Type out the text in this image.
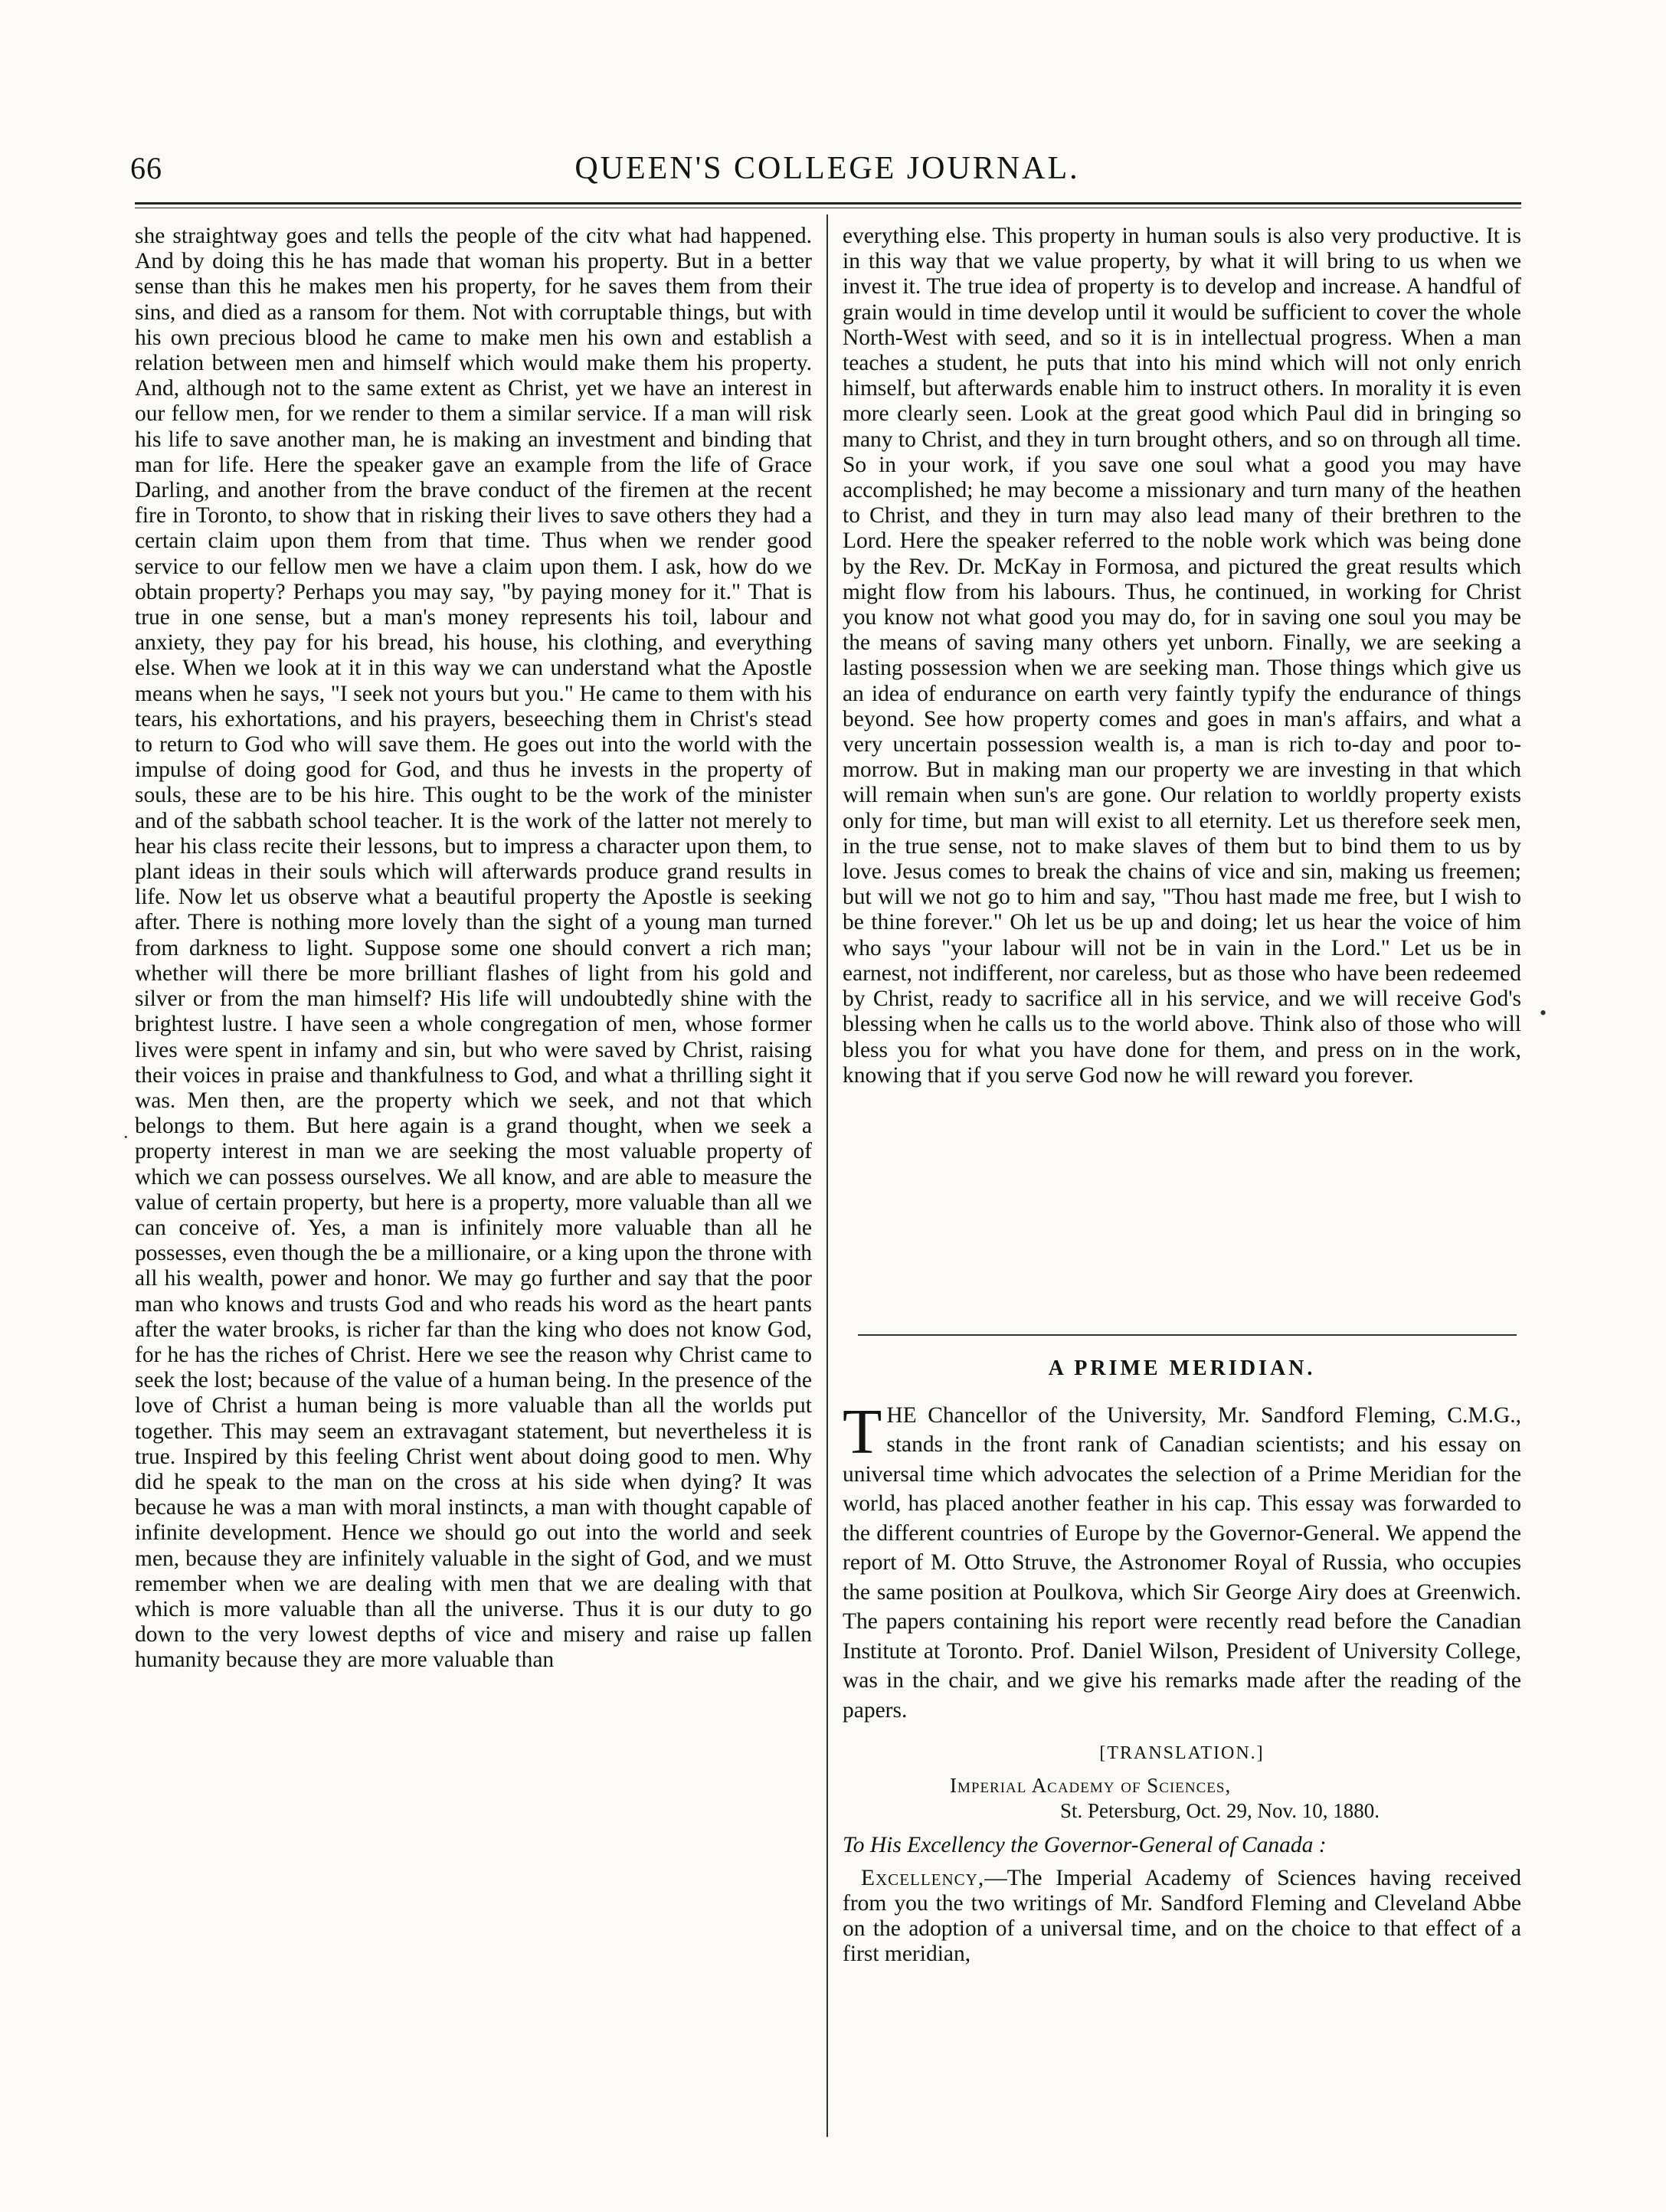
66	QUEEN'S COLLEGE JOURNAL.

she straightway goes and tells the people of the citv what had happened. And by doing this he has made that woman his property. But in a better sense than this he makes men his property, for he saves them from their sins, and died as a ransom for them. Not with corruptable things, but with his own precious blood he came to make men his own and establish a relation between men and himself which would make them his property. And, although not to the same extent as Christ, yet we have an interest in our fellow men, for we render to them a similar service. If a man will risk his life to save another man, he is making an investment and binding that man for life. Here the speaker gave an example from the life of Grace Darling, and another from the brave conduct of the firemen at the recent fire in Toronto, to show that in risking their lives to save others they had a certain claim upon them from that time. Thus when we render good service to our fellow men we have a claim upon them. I ask, how do we obtain property? Perhaps you may say, "by paying money for it." That is true in one sense, but a man's money represents his toil, labour and anxiety, they pay for his bread, his house, his clothing, and everything else. When we look at it in this way we can understand what the Apostle means when he says, "I seek not yours but you." He came to them with his tears, his exhortations, and his prayers, beseeching them in Christ's stead to return to God who will save them. He goes out into the world with the impulse of doing good for God, and thus he invests in the property of souls, these are to be his hire. This ought to be the work of the minister and of the sabbath school teacher. It is the work of the latter not merely to hear his class recite their lessons, but to impress a character upon them, to plant ideas in their souls which will afterwards produce grand results in life. Now let us observe what a beautiful property the Apostle is seeking after. There is nothing more lovely than the sight of a young man turned from darkness to light. Suppose some one should convert a rich man; whether will there be more brilliant flashes of light from his gold and silver or from the man himself? His life will undoubtedly shine with the brightest lustre. I have seen a whole congregation of men, whose former lives were spent in infamy and sin, but who were saved by Christ, raising their voices in praise and thankfulness to God, and what a thrilling sight it was. Men then, are the property which we seek, and not that which belongs to them. But here again is a grand thought, when we seek a property interest in man we are seeking the most valuable property of which we can possess ourselves. We all know, and are able to measure the value of certain property, but here is a property, more valuable than all we can conceive of. Yes, a man is infinitely more valuable than all he possesses, even though the be a millionaire, or a king upon the throne with all his wealth, power and honor. We may go further and say that the poor man who knows and trusts God and who reads his word as the heart pants after the water brooks, is richer far than the king who does not know God, for he has the riches of Christ. Here we see the reason why Christ came to seek the lost; because of the value of a human being. In the presence of the love of Christ a human being is more valuable than all the worlds put together. This may seem an extravagant statement, but nevertheless it is true. Inspired by this feeling Christ went about doing good to men. Why did he speak to the man on the cross at his side when dying? It was because he was a man with moral instincts, a man with thought capable of infinite development. Hence we should go out into the world and seek men, because they are infinitely valuable in the sight of God, and we must remember when we are dealing with men that we are dealing with that which is more valuable than all the universe. Thus it is our duty to go down to the very lowest depths of vice and misery and raise up fallen humanity because they are more valuable than

everything else. This property in human souls is also very productive. It is in this way that we value property, by what it will bring to us when we invest it. The true idea of property is to develop and increase. A handful of grain would in time develop until it would be sufficient to cover the whole North-West with seed, and so it is in intellectual progress. When a man teaches a student, he puts that into his mind which will not only enrich himself, but afterwards enable him to instruct others. In morality it is even more clearly seen. Look at the great good which Paul did in bringing so many to Christ, and they in turn brought others, and so on through all time. So in your work, if you save one soul what a good you may have accomplished; he may become a missionary and turn many of the heathen to Christ, and they in turn may also lead many of their brethren to the Lord. Here the speaker referred to the noble work which was being done by the Rev. Dr. McKay in Formosa, and pictured the great results which might flow from his labours. Thus, he continued, in working for Christ you know not what good you may do, for in saving one soul you may be the means of saving many others yet unborn. Finally, we are seeking a lasting possession when we are seeking man. Those things which give us an idea of endurance on earth very faintly typify the endurance of things beyond. See how property comes and goes in man's affairs, and what a very uncertain possession wealth is, a man is rich to-day and poor to-morrow. But in making man our property we are investing in that which will remain when sun's are gone. Our relation to worldly property exists only for time, but man will exist to all eternity. Let us therefore seek men, in the true sense, not to make slaves of them but to bind them to us by love. Jesus comes to break the chains of vice and sin, making us freemen; but will we not go to him and say, "Thou hast made me free, but I wish to be thine forever." Oh let us be up and doing; let us hear the voice of him who says "your labour will not be in vain in the Lord." Let us be in earnest, not indifferent, nor careless, but as those who have been redeemed by Christ, ready to sacrifice all in his service, and we will receive God's blessing when he calls us to the world above. Think also of those who will bless you for what you have done for them, and press on in the work, knowing that if you serve God now he will reward you forever.

A PRIME MERIDIAN.

T HE Chancellor of the University, Mr. Sandford Fleming, C.M.G., stands in the front rank of Canadian scientists; and his essay on universal time which advocates the selection of a Prime Meridian for the world, has placed another feather in his cap. This essay was forwarded to the different countries of Europe by the Governor-General. We append the report of M. Otto Struve, the Astronomer Royal of Russia, who occupies the same position at Poulkova, which Sir George Airy does at Greenwich. The papers containing his report were recently read before the Canadian Institute at Toronto. Prof. Daniel Wilson, President of University College, was in the chair, and we give his remarks made after the reading of the papers.

[TRANSLATION.]
Imperial Academy of Sciences,
St. Petersburg, Oct. 29, Nov. 10, 1880.
To His Excellency the Governor-General of Canada :

Excellency,—The Imperial Academy of Sciences having received from you the two writings of Mr. Sandford Fleming and Cleveland Abbe on the adoption of a universal time, and on the choice to that effect of a first meridian,

•
·
